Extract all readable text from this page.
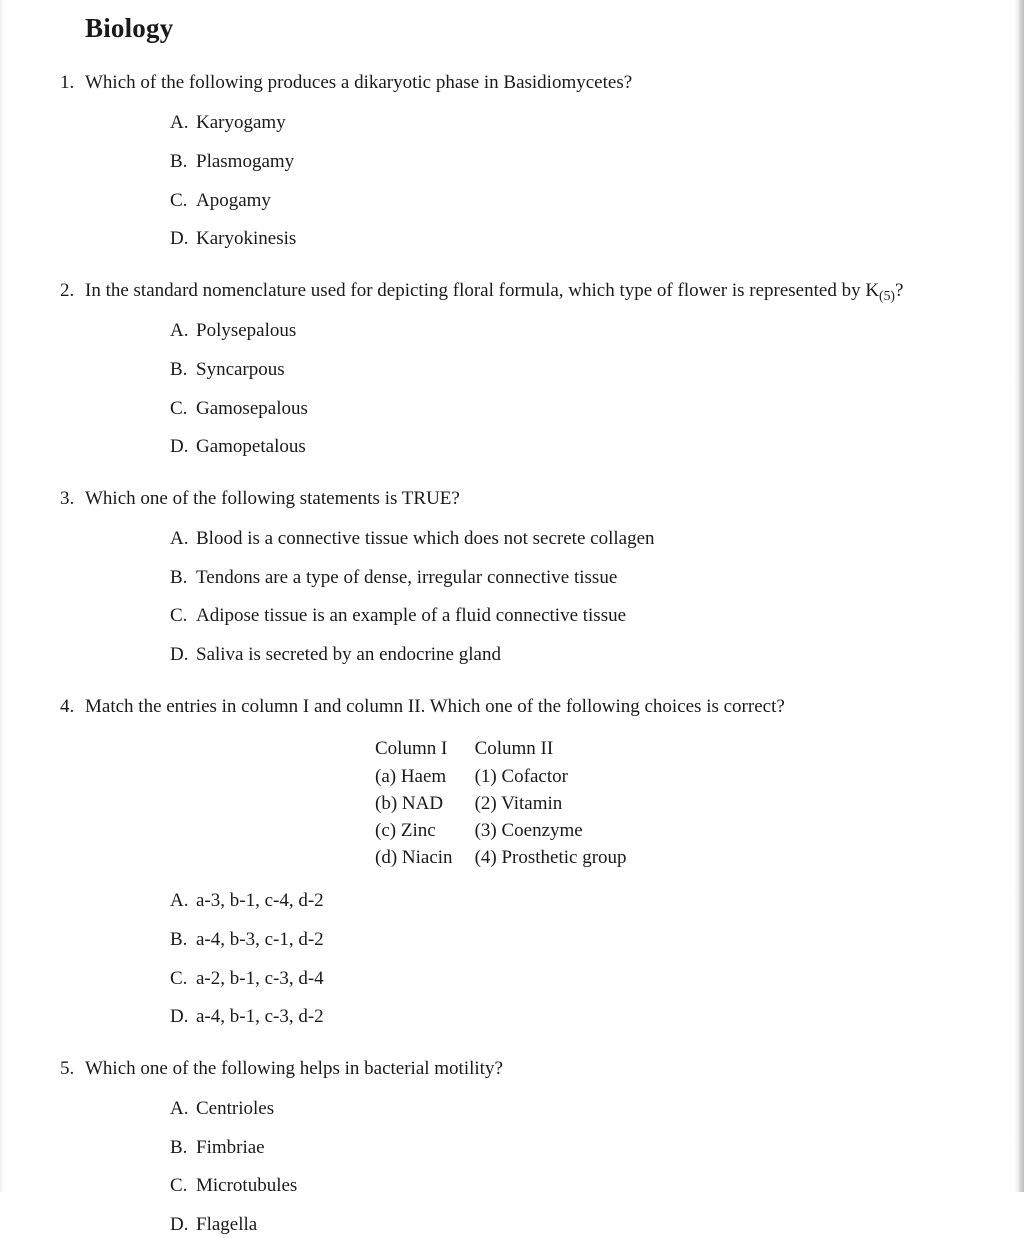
Biology
1. Which of the following produces a dikaryotic phase in Basidiomycetes?
A. Karyogamy
B. Plasmogamy
C. Apogamy
D. Karyokinesis
2. In the standard nomenclature used for depicting floral formula, which type of flower is represented by $K_{(5)}$?
A. Polysepalous
B. Syncarpous
C. Gamosepalous
D. Gamopetalous
3. Which one of the following statements is TRUE?
A. Blood is a connective tissue which does not secrete collagen
B. Tendons are a type of dense, irregular connective tissue
C. Adipose tissue is an example of a fluid connective tissue
D. Saliva is secreted by an endocrine gland
4. Match the entries in column I and column II. Which one of the following choices is correct?
Column I	Column II
(a) Haem	(1) Cofactor
(b) NAD	(2) Vitamin
(c) Zinc	(3) Coenzyme
(d) Niacin	(4) Prosthetic group
A. a-3, b-1, c-4, d-2
B. a-4, b-3, c-1, d-2
C. a-2, b-1, c-3, d-4
D. a-4, b-1, c-3, d-2
5. Which one of the following helps in bacterial motility?
A. Centrioles
B. Fimbriae
C. Microtubules
D. Flagella
